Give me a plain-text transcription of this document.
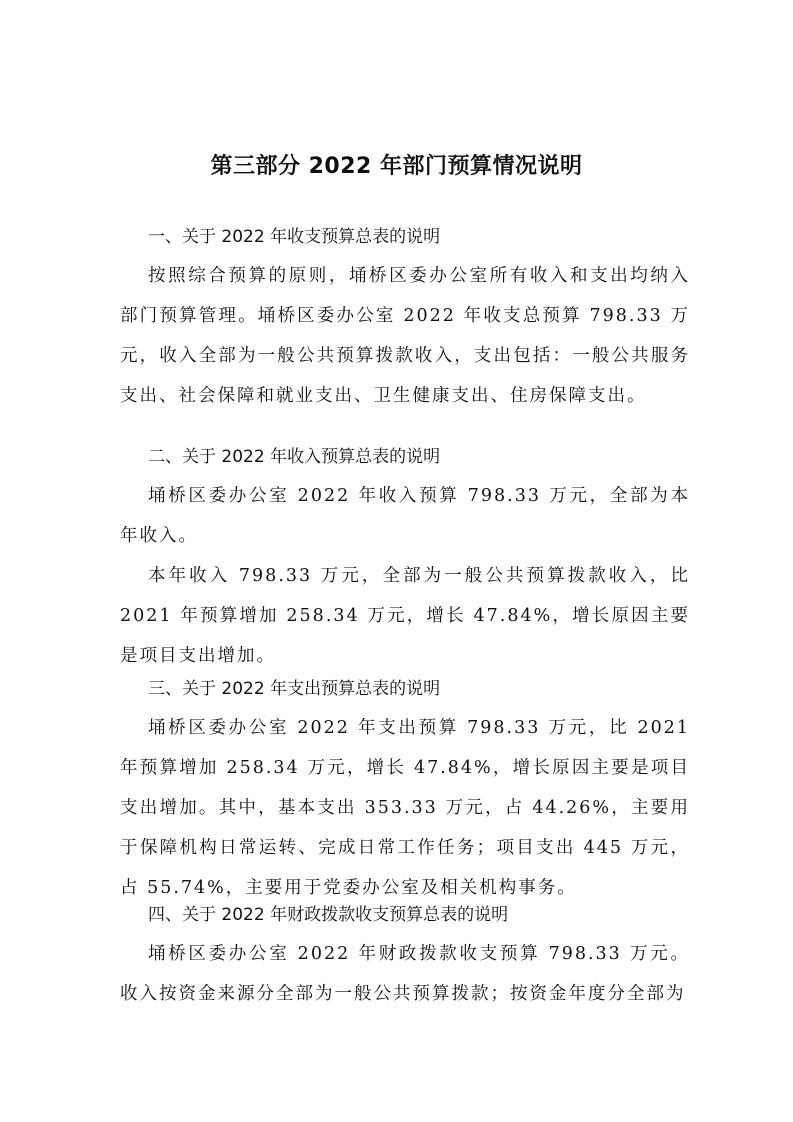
第三部分 2022 年部门预算情况说明
一、关于 2022 年收支预算总表的说明

按照综合预算的原则，埇桥区委办公室所有收入和支出均纳入部门预算管理。埇桥区委办公室 2022 年收支总预算 798.33 万元，收入全部为一般公共预算拨款收入，支出包括：一般公共服务支出、社会保障和就业支出、卫生健康支出、住房保障支出。

二、关于 2022 年收入预算总表的说明

埇桥区委办公室 2022 年收入预算 798.33 万元，全部为本年收入。

本年收入 798.33 万元，全部为一般公共预算拨款收入，比 2021 年预算增加 258.34 万元，增长 47.84%，增长原因主要是项目支出增加。

三、关于 2022 年支出预算总表的说明

埇桥区委办公室 2022 年支出预算 798.33 万元，比 2021 年预算增加 258.34 万元，增长 47.84%，增长原因主要是项目支出增加。其中，基本支出 353.33 万元，占 44.26%，主要用于保障机构日常运转、完成日常工作任务；项目支出 445 万元，占 55.74%，主要用于党委办公室及相关机构事务。

四、关于 2022 年财政拨款收支预算总表的说明

埇桥区委办公室 2022 年财政拨款收支预算 798.33 万元。收入按资金来源分全部为一般公共预算拨款；按资金年度分全部为
